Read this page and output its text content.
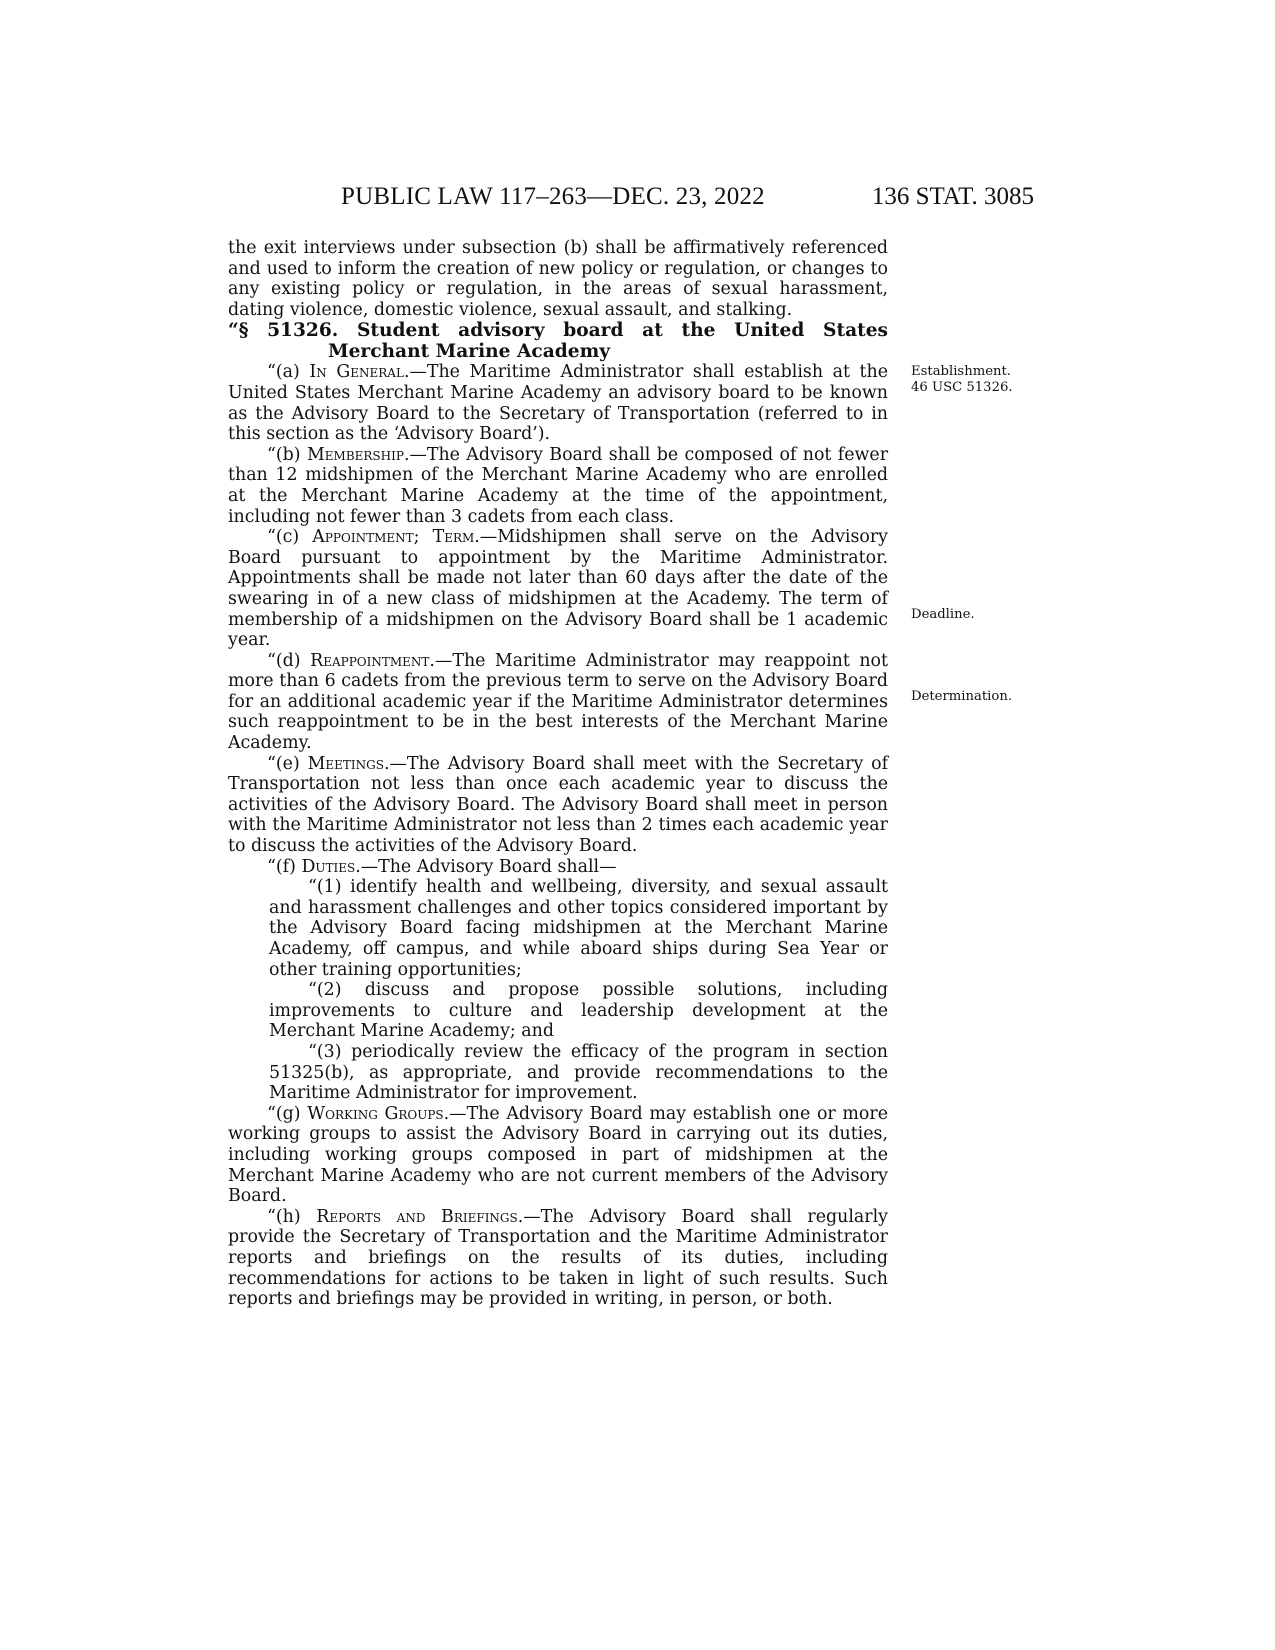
PUBLIC LAW 117–263—DEC. 23, 2022	136 STAT. 3085

the exit interviews under subsection (b) shall be affirmatively referenced and used to inform the creation of new policy or regulation, or changes to any existing policy or regulation, in the areas of sexual harassment, dating violence, domestic violence, sexual assault, and stalking.

“§ 51326. Student advisory board at the United States Merchant Marine Academy

“(a) In General.—The Maritime Administrator shall establish at the United States Merchant Marine Academy an advisory board to be known as the Advisory Board to the Secretary of Transportation (referred to in this section as the ‘Advisory Board’).

“(b) Membership.—The Advisory Board shall be composed of not fewer than 12 midshipmen of the Merchant Marine Academy who are enrolled at the Merchant Marine Academy at the time of the appointment, including not fewer than 3 cadets from each class.

“(c) Appointment; Term.—Midshipmen shall serve on the Advisory Board pursuant to appointment by the Maritime Administrator. Appointments shall be made not later than 60 days after the date of the swearing in of a new class of midshipmen at the Academy. The term of membership of a midshipmen on the Advisory Board shall be 1 academic year.

“(d) Reappointment.—The Maritime Administrator may reappoint not more than 6 cadets from the previous term to serve on the Advisory Board for an additional academic year if the Maritime Administrator determines such reappointment to be in the best interests of the Merchant Marine Academy.

“(e) Meetings.—The Advisory Board shall meet with the Secretary of Transportation not less than once each academic year to discuss the activities of the Advisory Board. The Advisory Board shall meet in person with the Maritime Administrator not less than 2 times each academic year to discuss the activities of the Advisory Board.

“(f) Duties.—The Advisory Board shall—

“(1) identify health and wellbeing, diversity, and sexual assault and harassment challenges and other topics considered important by the Advisory Board facing midshipmen at the Merchant Marine Academy, off campus, and while aboard ships during Sea Year or other training opportunities;

“(2) discuss and propose possible solutions, including improvements to culture and leadership development at the Merchant Marine Academy; and

“(3) periodically review the efficacy of the program in section 51325(b), as appropriate, and provide recommendations to the Maritime Administrator for improvement.

“(g) Working Groups.—The Advisory Board may establish one or more working groups to assist the Advisory Board in carrying out its duties, including working groups composed in part of midshipmen at the Merchant Marine Academy who are not current members of the Advisory Board.

“(h) Reports and Briefings.—The Advisory Board shall regularly provide the Secretary of Transportation and the Maritime Administrator reports and briefings on the results of its duties, including recommendations for actions to be taken in light of such results. Such reports and briefings may be provided in writing, in person, or both.

Establishment.
46 USC 51326.
Deadline.
Determination.
